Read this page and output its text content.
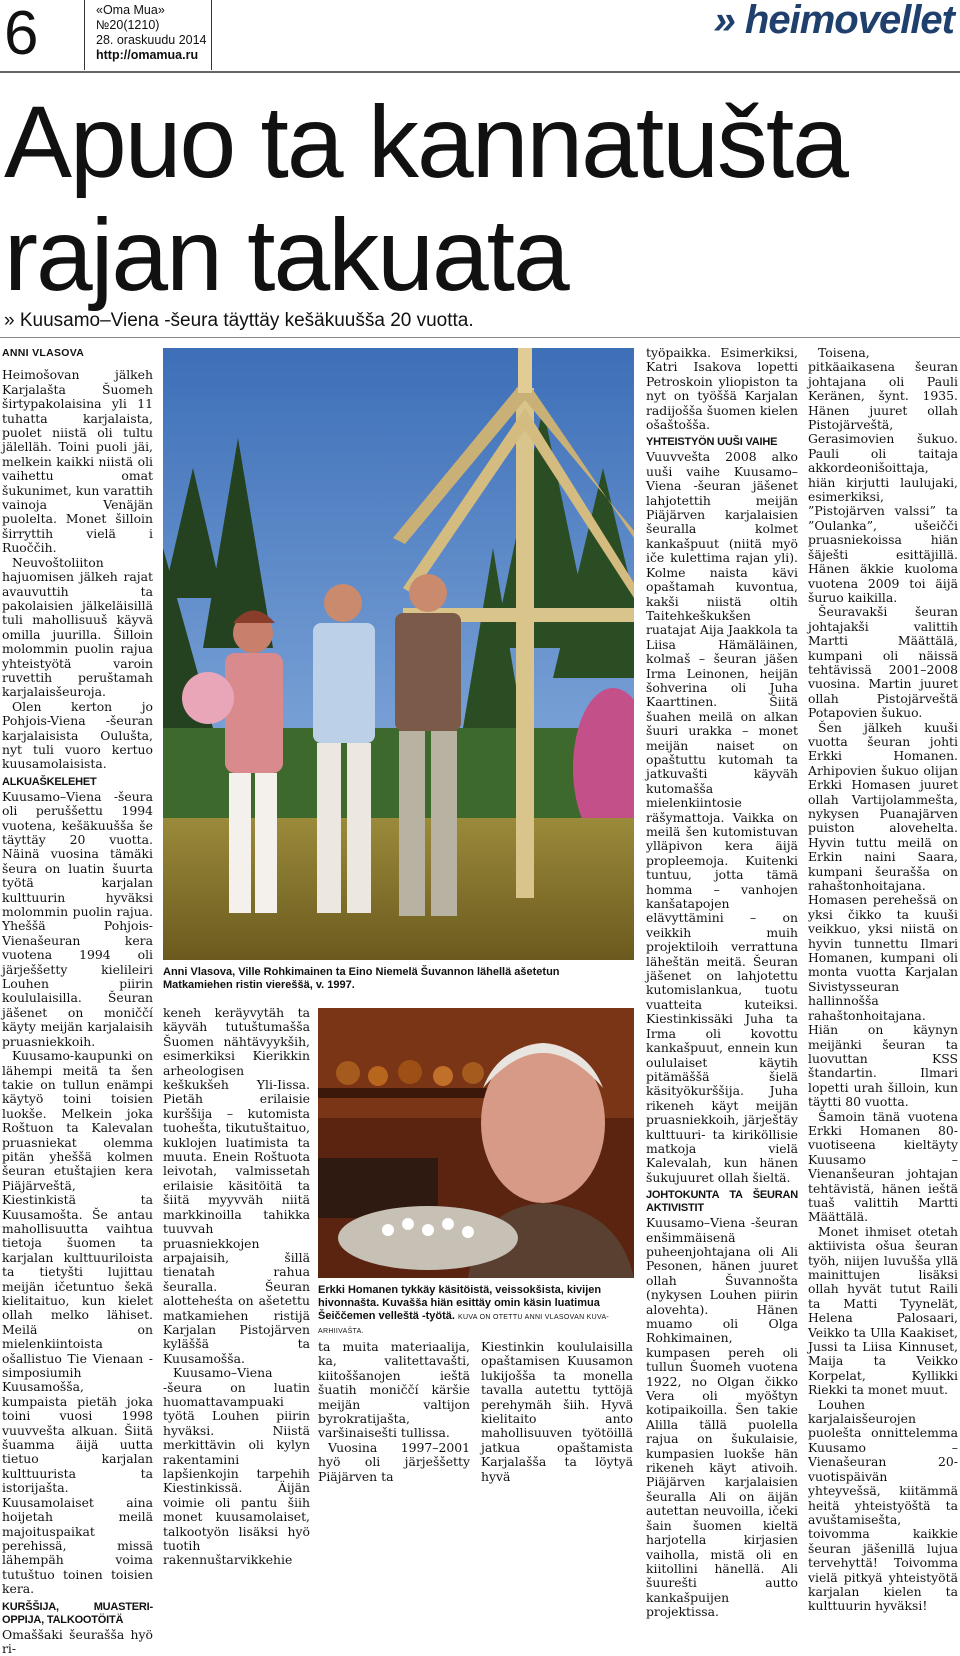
6	«Oma Mua»
№20(1210)
28. oraskuudu 2014
http://omamua.ru
» heimovellet
Apuo ta kannatušta
rajan takuata
» Kuusamo–Viena -šeura täyttäy kešäkuušša 20 vuotta.
ANNI VLASOVA

Heimošovan jälkeh Karjalašta Šuomeh širtypakolaisina yli 11 tuhatta karjalaista, puolet niistä oli tultu jälelläh. Toini puoli jäi, melkein kaikki niistä oli vaihettu omat šukunimet, kun varattih vainoja Venäjän puolelta. Monet šilloin širryttih vielä i Ruoččih.

Neuvoštoliiton hajuomisen jälkeh rajat avauvuttih ta pakolaisien jälkeläisillä tuli mahollisuuš käyvä omilla juurilla. Šilloin molommin puolin rajua yhteistyötä varoin ruvettih peruštamah karjalaisšeuroja.

Olen kerton jo Pohjois-Viena -šeuran karjalaisista Oulušta, nyt tuli vuoro kertuo kuusamolaisista.

ALKUAŠKELEHET

Kuusamo–Viena -šeura oli peruššettu 1994 vuotena, kešäkuušša še täyttäy 20 vuotta. Näinä vuosina tämäki šeura on luatin šuurta työtä karjalan kulttuurin hyväksi molommin puolin rajua. Yheššä Pohjois-Vienašeuran kera vuotena 1994 oli järješšetty kielileiri Louhen piirin koululaisilla. Šeuran jäšenet on moniččí käyty meijän karjalaisih pruasniekkoih.

Kuusamo-kaupunki on lähempi meitä ta šen takie on tullun enämpi käytyö toini toisien luokše. Melkein joka Roštuon ta Kalevalan pruasniekat olemma pitän yheššä kolmen šeuran etuštajien kera Piäjärveštä, Kiestinkistä ta Kuusamošta. Še antau mahollisuutta vaihtua tietoja šuomen ta karjalan kulttuuriloista ta tietyšti lujittau meijän ičetuntuo šekä kielitaituo, kun kielet ollah melko lähiset. Meilä on mielenkiintoista ošallistuo Tie Vienaan -simposiumih Kuusamošša, kumpaista pietäh joka toini vuosi 1998 vuuvvešta alkuan. Šiitä šuamma äijä uutta tietuo karjalan kulttuurista ta istorijašta. Kuusamolaiset aina hoijetah meilä majoituspaikat perehissä, missä lähempäh voima tutuštuo toinen toisien kera.

KURŠŠIJA, MUASTERI-OPPIJA, TALKOOTÖITÄ

Omaššaki šeurašša hyö ri-

Anni Vlasova, Ville Rohkimainen ta Eino Niemelä Šuvannon lähellä ašetetun Matkamiehen ristin viereššä, v. 1997.

keneh keräyvytäh ta käyväh tutuštumašša Šuomen nähtävyykših, esimerkiksi Kierikkin arheologisen keškukšeh Yli-Iissa. Pietäh erilaisie kurššija – kutomista tuohešta, tikutuštaituo, kuklojen luatimista ta muuta. Enein Roštuota leivotah, valmissetah erilaisie käsitöitä ta šiitä myyvväh niitä markkinoilla tahikka tuuvvah pruasniekkojen arpajaisih, šillä tienatah rahua šeuralla. Šeuran alotteheśta on ašetettu matkamiehen ristijä Karjalan Pistojärven kyläššä ta Kuusamošša.

Kuusamo–Viena -šeura on luatin huomattavampuaki työtä Louhen piirin hyväksi. Niistä merkittävin oli kylyn rakentamini lapšienkojin tarpehih Kiestinkissä. Äijän voimie oli pantu šiih monet kuusamolaiset, talkootyön lisäksi hyö tuotih rakennuštarvikkehie

Erkki Homanen tykkäy käsitöistä, veissokšista, kivijen hivonnašta. Kuvašša hiän esittäy omin käsin luatimua Šeiččemen velleštä -työtä. KUVA ON OTETTU ANNI VLASOVAN KUVA-ARHIIVAŠTA.

ta muita materiaalija, ka, valitettavašti, kiitoššanojen ieštä šuatih moniččí käršie meijän valtijon byrokratijašta, varšinaisešti tullissa.

Vuosina 1997–2001 hyö oli järješšetty Piäjärven ta

Kiestinkin koululaisilla opaštamisen Kuusamon lukijošša ta monella tavalla autettu tyttöjä perehymäh šiih. Hyvä kielitaito anto mahollisuuven työtöillä jatkua opaštamista Karjalašša ta löytyä hyvä

työpaikka. Esimerkiksi, Katri Isakova lopetti Petroskoin yliopiston ta nyt on työššä Karjalan radijošša šuomen kielen ošaštošša.

YHTEISTYÖN UUŠI VAIHE

Vuuvvešta 2008 alko uuši vaihe Kuusamo–Viena -šeuran jäšenet lahjotettih meijän Piäjärven karjalaisien šeuralla kolmet kankašpuut (niitä myö iče kulettima rajan yli). Kolme naista kävi opaštamah kuvontua, kakši niistä oltih Taitehkeškukšen ruatajat Aija Jaakkola ta Liisa Hämäläinen, kolmaš – šeuran jäšen Irma Leinonen, heijän šohverina oli Juha Kaarttinen. Šiitä šuahen meilä on alkan šuuri urakka – monet meijän naiset on opaštuttu kutomah ta jatkuvašti käyväh kutomašša mielenkiintosie räšymattoja. Vaikka on meilä šen kutomistuvan ylläpivon kera äijä propleemoja. Kuitenki tuntuu, jotta tämä homma – vanhojen kanšatapojen elävyttämini – on veikkih muih projektiloih verrattuna läheštän meitä. Šeuran jäšenet on lahjotettu kutomislankua, tuotu vuatteita kuteiksi. Kiestinkissäki Juha ta Irma oli kovottu kankašpuut, ennein kun oululaiset käytih pitämäššä šielä käsityökurššija. Juha rikeneh käyt meijän pruasniekkoih, järještäy kulttuuri- ta kiriköllisie matkoja vielä Kalevalah, kun hänen šukujuuret ollah šieltä.

JOHTOKUNTA TA ŠEURAN AKTIVISTIT

Kuusamo–Viena -šeuran enšimmäisenä puheenjohtajana oli Ali Pesonen, hänen juuret ollah Šuvannošta (nykysen Louhen piirin alovehta). Hänen muamo oli Olga Rohkimainen, kumpasen pereh oli tullun Šuomeh vuotena 1922, no Olgan čikko Vera oli myöštyn kotipaikoilla. Šen takie Alilla tällä puolella rajua on šukulaisie, kumpasien luokše hän rikeneh käyt ativoih. Piäjärven karjalaisien šeuralla Ali on äijän autettan neuvoilla, ičeki šain šuomen kieltä harjotella kirjasien vaiholla, mistä oli en kiitollini hänellä. Ali šuurešti autto kankašpuijen projektissa.

Toisena, pitkäaikasena šeuran johtajana oli Pauli Keränen, šynt. 1935. Hänen juuret ollah Pistojärveštä, Gerasimovien šukuo. Pauli oli taitaja akkordeonišoittaja, hiän kirjutti laulujaki, esimerkiksi, ”Pistojärven valssi” ta ”Oulanka”, ušeičči pruasniekoissa hiän šäješti esittäjillä. Hänen äkkie kuoloma vuotena 2009 toi äijä šuruo kaikilla.

Šeuravakši šeuran johtajakši valittih Martti Määttälä, kumpani oli näissä tehtävissä 2001–2008 vuosina. Martin juuret ollah Pistojärveštä Potapovien šukuo.

Šen jälkeh kuuši vuotta šeuran johti Erkki Homanen. Arhipovien šukuo olijan Erkki Homasen juuret ollah Vartijolammešta, nykysen Puanajärven puiston alovehelta. Hyvin tuttu meilä on Erkin naini Saara, kumpani šeurašša on rahaštonhoitajana. Homasen perehešsä on yksi čikko ta kuuši veikkuo, yksi niistä on hyvin tunnettu Ilmari Homanen, kumpani oli monta vuotta Karjalan Sivistysseuran hallinnošša rahaštonhoitajana. Hiän on käynyn meijänki šeuran ta luovuttan KSS štandartin. Ilmari lopetti urah šilloin, kun täytti 80 vuotta.

Šamoin tänä vuotena Erkki Homanen 80-vuotiseena kieltäyty Kuusamo – Vienanšeuran johtajan tehtävistä, hänen ieštä tuaš valittih Martti Määttälä.

Monet ihmiset otetah aktiivista ošua šeuran työh, niijen luvušša yllä mainittujen lisäksi ollah hyvät tutut Raili ta Matti Tyynelät, Helena Palosaari, Veikko ta Ulla Kaakiset, Jussi ta Liisa Kinnuset, Maija ta Veikko Korpelat, Kyllikki Riekki ta monet muut.

Louhen karjalaisšeurojen puolešta onnittelemma Kuusamo – Vienašeuran 20-vuotispäivän yhteyvešsä, kiitämmä heitä yhteistyöštä ta avuštamisešta, toivomma kaikkie šeuran jäšenillä lujua tervehyttä! Toivomma vielä pitkyä yhteistyötä karjalan kielen ta kulttuurin hyväksi!
